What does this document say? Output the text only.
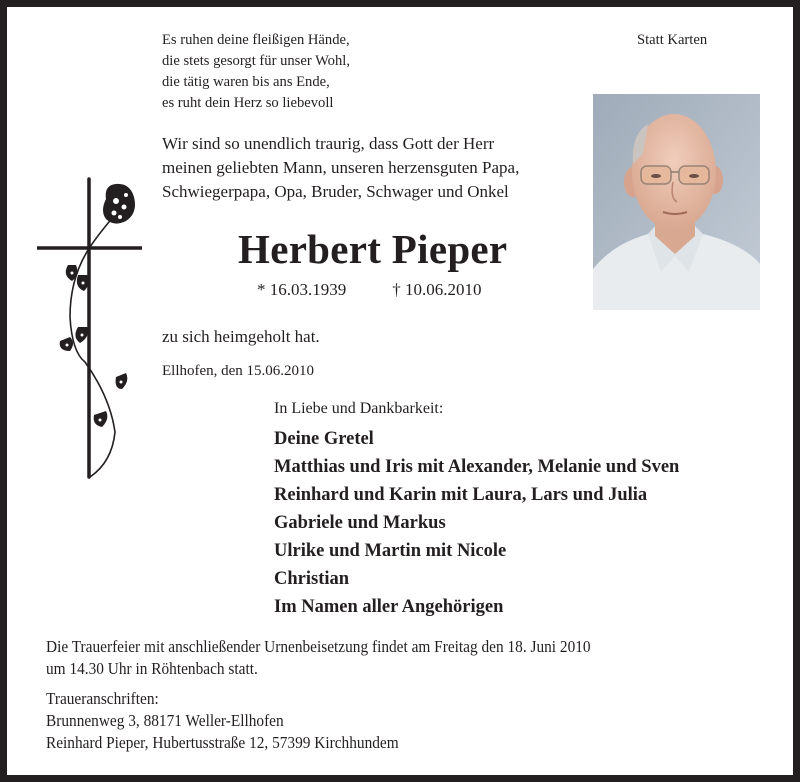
Es ruhen deine fleißigen Hände,
die stets gesorgt für unser Wohl,
die tätig waren bis ans Ende,
es ruht dein Herz so liebevoll
Statt Karten
Wir sind so unendlich traurig, dass Gott der Herr
meinen geliebten Mann, unseren herzensguten Papa,
Schwiegerpapa, Opa, Bruder, Schwager und Onkel
Herbert Pieper
* 16.03.1939	† 10.06.2010
zu sich heimgeholt hat.
Ellhofen, den 15.06.2010
In Liebe und Dankbarkeit:
Deine Gretel
Matthias und Iris mit Alexander, Melanie und Sven
Reinhard und Karin mit Laura, Lars und Julia
Gabriele und Markus
Ulrike und Martin mit Nicole
Christian
Im Namen aller Angehörigen
Die Trauerfeier mit anschließender Urnenbeisetzung findet am Freitag den 18. Juni 2010
um 14.30 Uhr in Röhtenbach statt.
Traueranschriften:
Brunnenweg 3, 88171 Weller-Ellhofen
Reinhard Pieper, Hubertusstraße 12, 57399 Kirchhundem
